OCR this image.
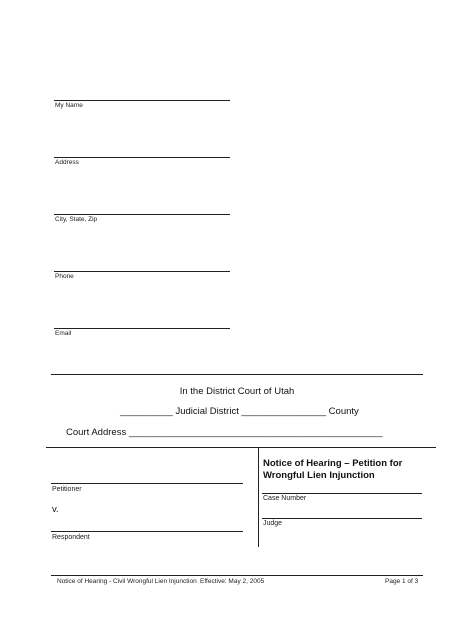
My Name
Address
City, State, Zip
Phone
Email
In the District Court of Utah
__________ Judicial District ________________ County
Court Address ________________________________________________
Petitioner
v.
Respondent
Notice of Hearing – Petition for
Wrongful Lien Injunction
Case Number
Judge
Notice of Hearing - Civil Wrongful Lien Injunction Effective: May 2, 2005	Page 1 of 3
